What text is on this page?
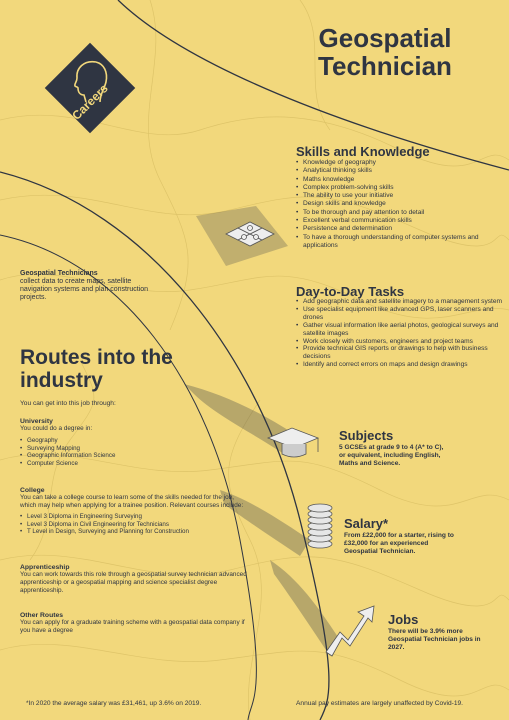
Careers
Geospatial
Technician
Skills and Knowledge
• Knowledge of geography
• Analytical thinking skills
• Maths knowledge
• Complex problem-solving skills
• The ability to use your initiative
• Design skills and knowledge
• To be thorough and pay attention to detail
• Excellent verbal communication skills
• Persistence and determination
• To have a thorough understanding of computer systems and applications
Geospatial Technicians
collect data to create maps, satellite navigation systems and plan construction projects.	Day-to-Day Tasks
• Add geographic data and satellite imagery to a management system
• Use specialist equipment like advanced GPS, laser scanners and drones
• Gather visual information like aerial photos, geological surveys and satellite images
• Work closely with customers, engineers and project teams
• Provide technical GIS reports or drawings to help with business decisions
• Identify and correct errors on maps and design drawings
Routes into the industry
You can get into this job through:
University
You could do a degree in:
• Geography
• Surveying Mapping
• Geographic Information Science
• Computer Science
College
You can take a college course to learn some of the skills needed for the job, which may help when applying for a trainee position. Relevant courses include:
• Level 3 Diploma in Engineering Surveying
• Level 3 Diploma in Civil Engineering for Technicians
• T Level in Design, Surveying and Planning for Construction
Apprenticeship
You can work towards this role through a geospatial survey technician advanced apprenticeship or a geospatial mapping and science specialist degree apprenticeship.
Other Routes
You can apply for a graduate training scheme with a geospatial data company if you have a degree
Subjects
5 GCSEs at grade 9 to 4 (A* to C), or equivalent, including English, Maths and Science.
Salary*
From £22,000 for a starter, rising to £32,000 for an experienced Geospatial Technician.
Jobs
There will be 3.9% more Geospatial Technician jobs in 2027.
*In 2020 the average salary was £31,461, up 3.6% on 2019.	Annual pay estimates are largely unaffected by Covid-19.
